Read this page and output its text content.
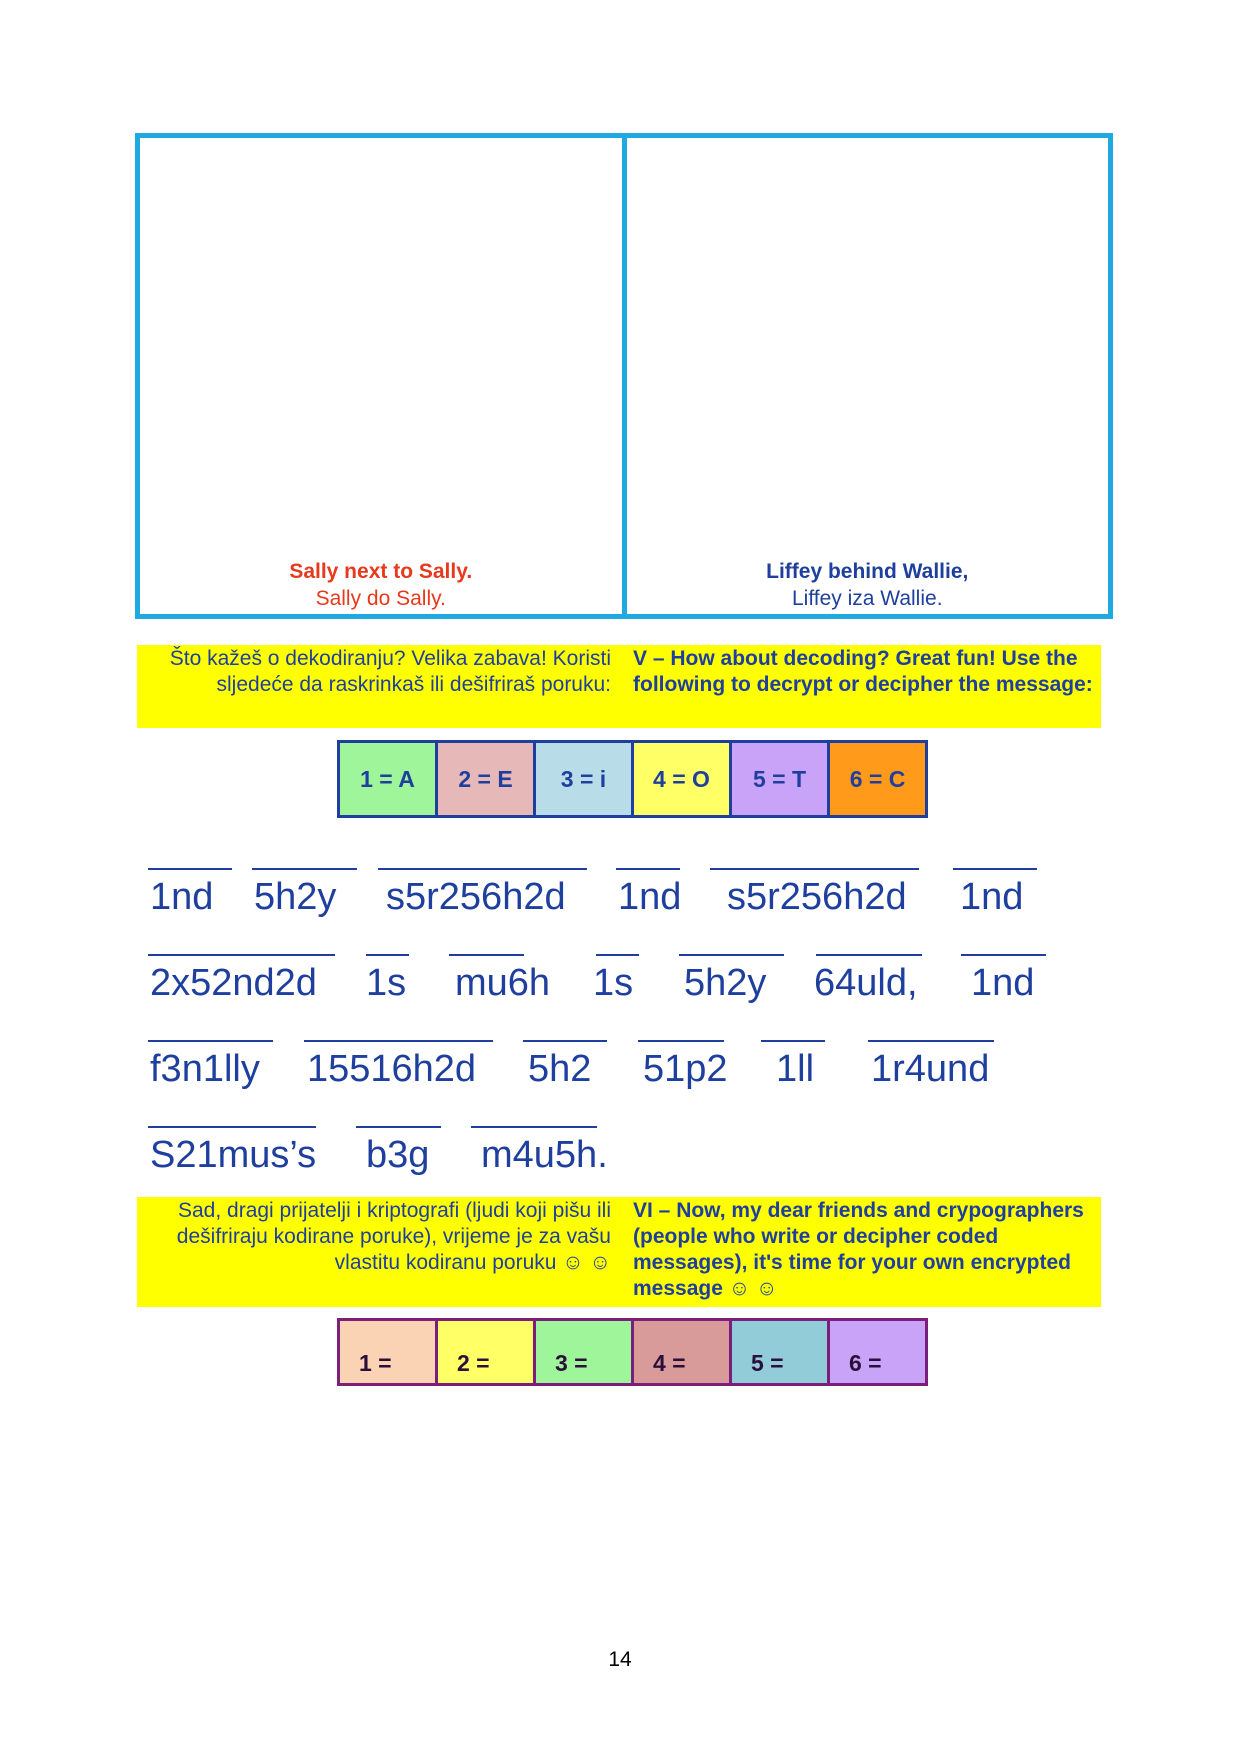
Sally next to Sally.
Sally do Sally.
Liffey behind Wallie,
Liffey iza Wallie.
Što kažeš o dekodiranju? Velika zabava! Koristi sljedeće da raskrinkaš ili dešifriraš poruku:
V – How about decoding? Great fun! Use the following to decrypt or decipher the message:
1 = A	2 = E	3 = i	4 = O	5 = T	6 = C
1nd 5h2y s5r256h2d 1nd s5r256h2d 1nd
2x52nd2d 1s mu6h 1s 5h2y 64uld, 1nd
f3n1lly 15516h2d 5h2 51p2 1ll 1r4und
S21mus’s b3g m4u5h.
Sad, dragi prijatelji i kriptografi (ljudi koji pišu ili dešifriraju kodirane poruke), vrijeme je za vašu vlastitu kodiranu poruku ☺ ☺
VI – Now, my dear friends and crypographers (people who write or decipher coded messages), it's time for your own encrypted message ☺ ☺
1 =	2 =	3 =	4 =	5 =	6 =
14
